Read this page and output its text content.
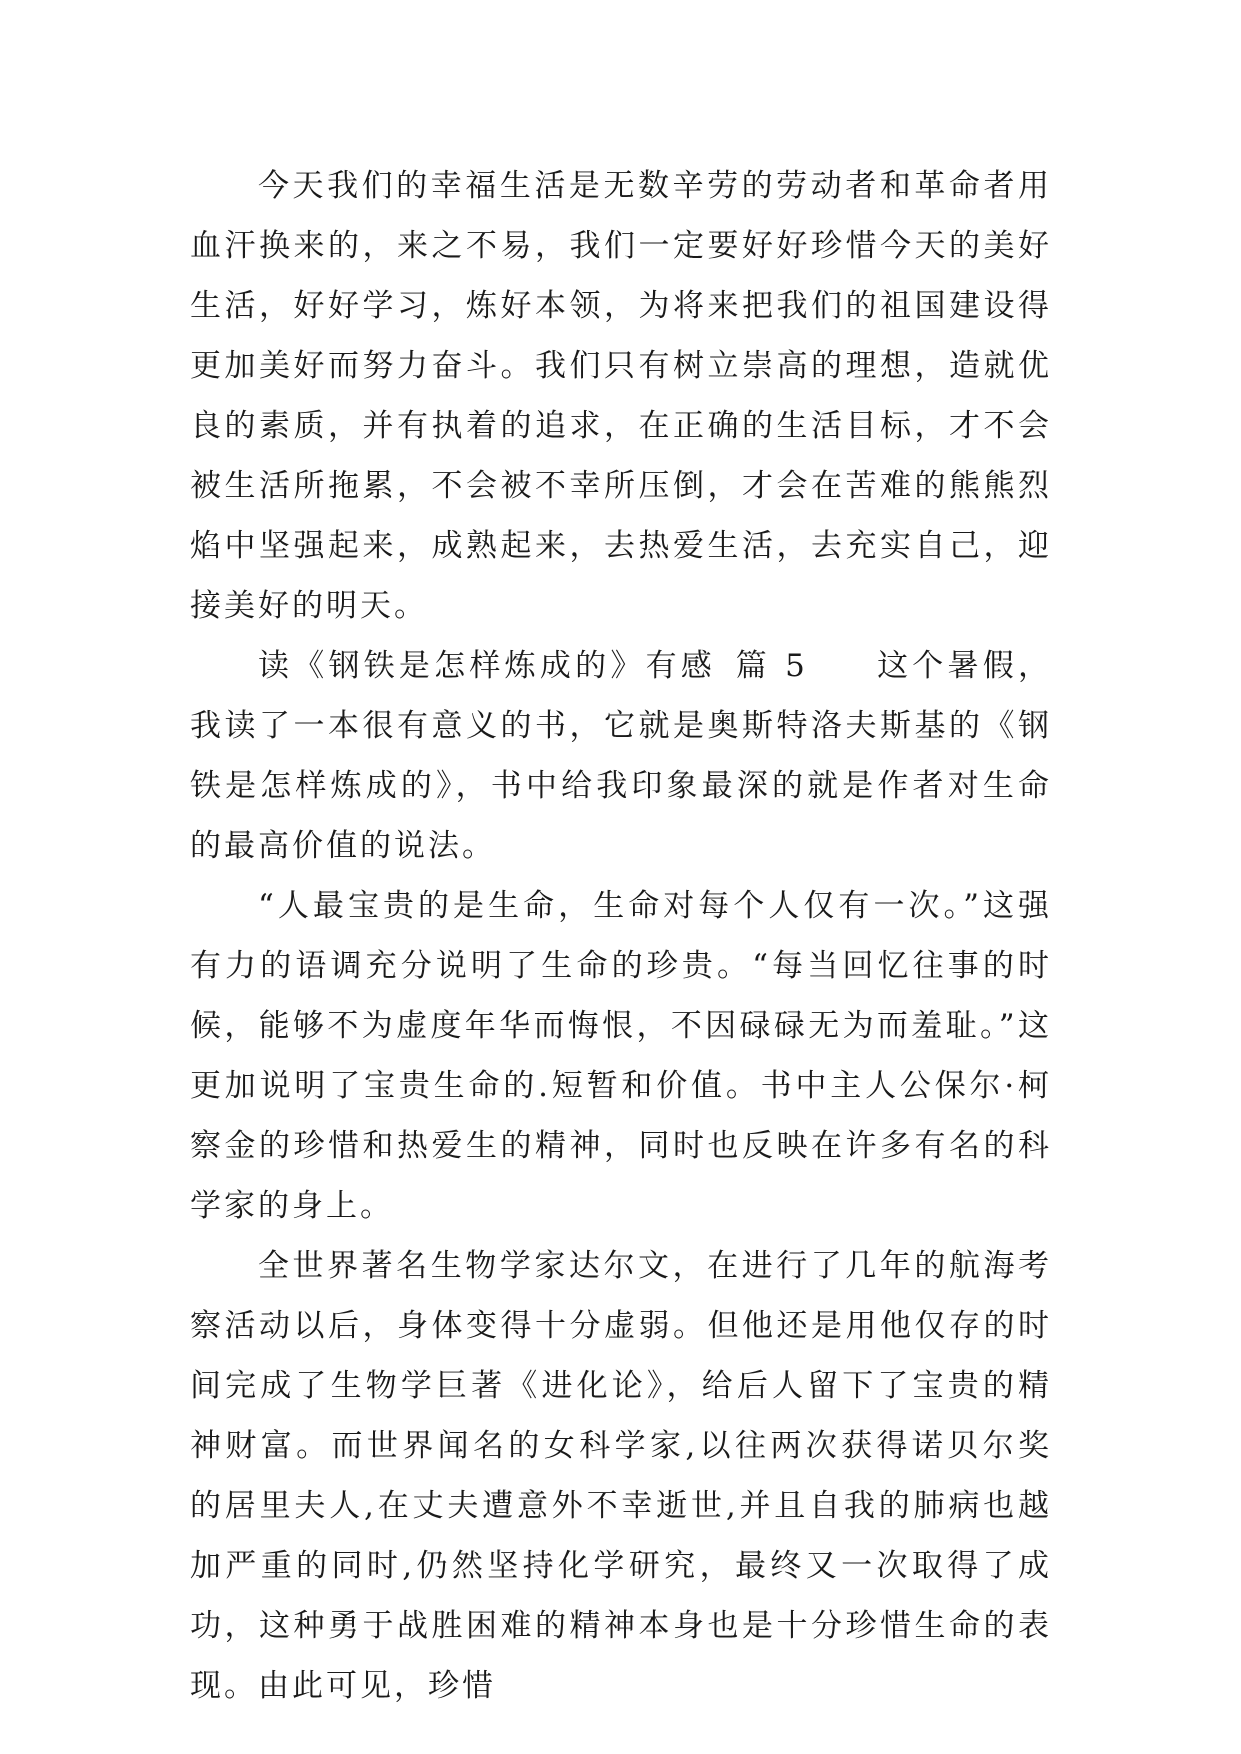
今天我们的幸福生活是无数辛劳的劳动者和革命者用血汗换来的，来之不易，我们一定要好好珍惜今天的美好生活，好好学习，炼好本领，为将来把我们的祖国建设得更加美好而努力奋斗。我们只有树立崇高的理想，造就优良的素质，并有执着的追求，在正确的生活目标，才不会被生活所拖累，不会被不幸所压倒，才会在苦难的熊熊烈焰中坚强起来，成熟起来，去热爱生活，去充实自己，迎接美好的明天。

读《钢铁是怎样炼成的》有感  篇 5 这个暑假，我读了一本很有意义的书，它就是奥斯特洛夫斯基的《钢铁是怎样炼成的》，书中给我印象最深的就是作者对生命的最高价值的说法。

“人最宝贵的是生命，生命对每个人仅有一次。”这强有力的语调充分说明了生命的珍贵。“每当回忆往事的时候，能够不为虚度年华而悔恨，不因碌碌无为而羞耻。”这更加说明了宝贵生命的.短暂和价值。书中主人公保尔·柯察金的珍惜和热爱生的精神，同时也反映在许多有名的科学家的身上。

全世界著名生物学家达尔文，在进行了几年的航海考察活动以后，身体变得十分虚弱。但他还是用他仅存的时间完成了生物学巨著《进化论》，给后人留下了宝贵的精神财富。而世界闻名的女科学家,以往两次获得诺贝尔奖的居里夫人,在丈夫遭意外不幸逝世,并且自我的肺病也越加严重的同时,仍然坚持化学研究，最终又一次取得了成功，这种勇于战胜困难的精神本身也是十分珍惜生命的表现。由此可见，珍惜
